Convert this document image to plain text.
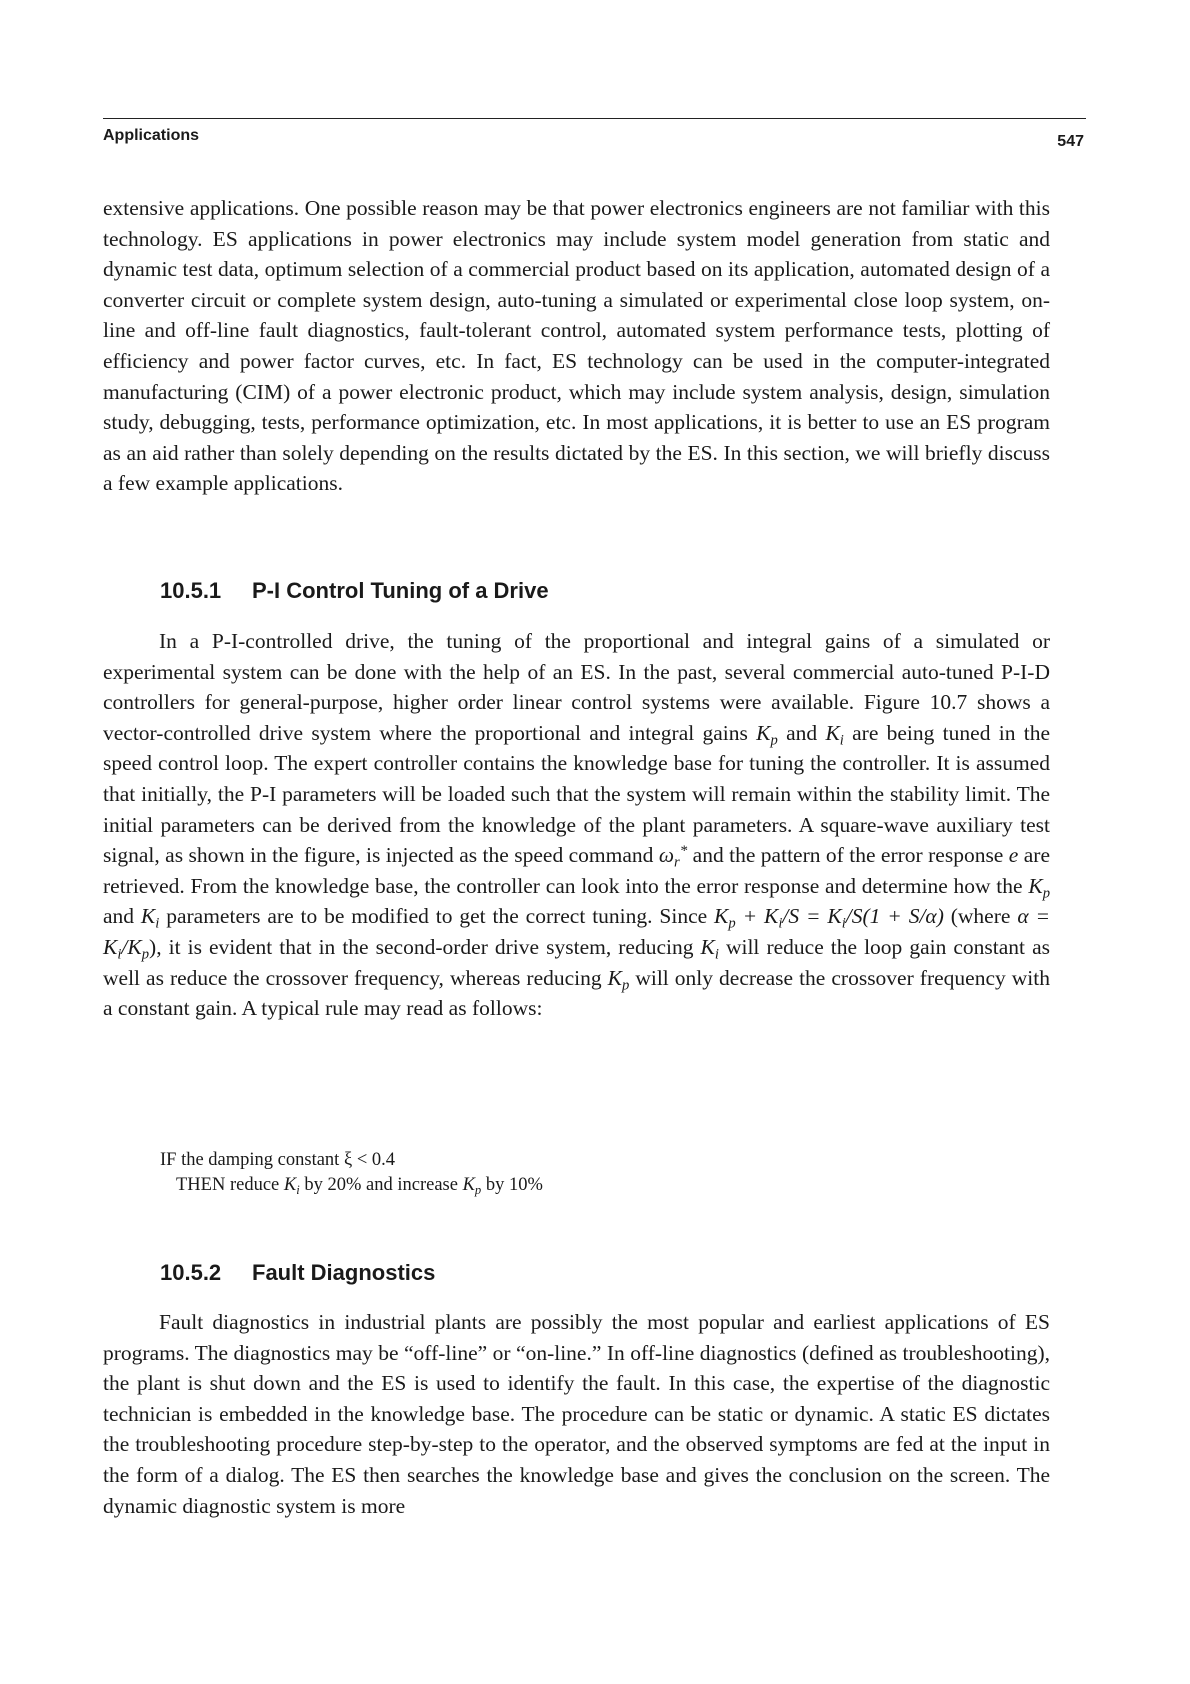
Applications	547

extensive applications. One possible reason may be that power electronics engineers are not familiar with this technology. ES applications in power electronics may include system model generation from static and dynamic test data, optimum selection of a commercial product based on its application, automated design of a converter circuit or complete system design, auto-tuning a simulated or experimental close loop system, on-line and off-line fault diagnostics, fault-tolerant control, automated system performance tests, plotting of efficiency and power factor curves, etc. In fact, ES technology can be used in the computer-integrated manufacturing (CIM) of a power electronic product, which may include system analysis, design, simulation study, debugging, tests, performance optimization, etc. In most applications, it is better to use an ES program as an aid rather than solely depending on the results dictated by the ES. In this section, we will briefly discuss a few example applications.

10.5.1 P-I Control Tuning of a Drive

In a P-I-controlled drive, the tuning of the proportional and integral gains of a simulated or experimental system can be done with the help of an ES. In the past, several commercial auto-tuned P-I-D controllers for general-purpose, higher order linear control systems were available. Figure 10.7 shows a vector-controlled drive system where the proportional and integral gains $K_p$ and $K_i$ are being tuned in the speed control loop. The expert controller contains the knowledge base for tuning the controller. It is assumed that initially, the P-I parameters will be loaded such that the system will remain within the stability limit. The initial parameters can be derived from the knowledge of the plant parameters. A square-wave auxiliary test signal, as shown in the figure, is injected as the speed command $\omega_r^*$ and the pattern of the error response e are retrieved. From the knowledge base, the controller can look into the error response and determine how the $K_p$ and $K_i$ parameters are to be modified to get the correct tuning. Since $K_p + K_i/S = K_i/S(1 + S/\alpha)$ (where $\alpha = K_i/K_p$), it is evident that in the second-order drive system, reducing $K_i$ will reduce the loop gain constant as well as reduce the crossover frequency, whereas reducing $K_p$ will only decrease the crossover frequency with a constant gain. A typical rule may read as follows:

IF the damping constant ξ < 0.4
THEN reduce $K_i$ by 20% and increase $K_p$ by 10%
10.5.2 Fault Diagnostics

Fault diagnostics in industrial plants are possibly the most popular and earliest applications of ES programs. The diagnostics may be “off-line” or “on-line.” In off-line diagnostics (defined as troubleshooting), the plant is shut down and the ES is used to identify the fault. In this case, the expertise of the diagnostic technician is embedded in the knowledge base. The procedure can be static or dynamic. A static ES dictates the troubleshooting procedure step-by-step to the operator, and the observed symptoms are fed at the input in the form of a dialog. The ES then searches the knowledge base and gives the conclusion on the screen. The dynamic diagnostic system is more
